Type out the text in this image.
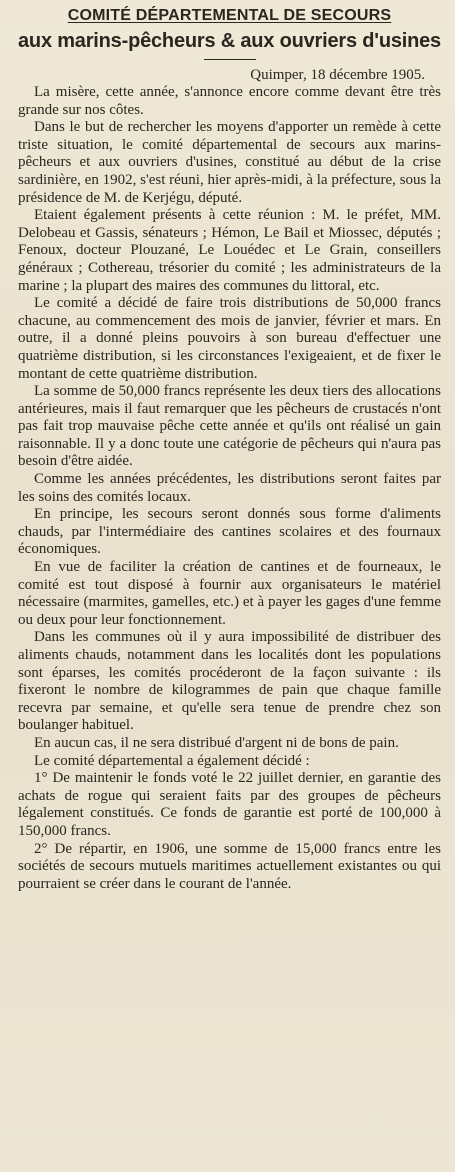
COMITÉ DÉPARTEMENTAL DE SECOURS
aux marins-pêcheurs & aux ouvriers d'usines
Quimper, 18 décembre 1905.

La misère, cette année, s'annonce encore comme devant être très grande sur nos côtes.

Dans le but de rechercher les moyens d'apporter un remède à cette triste situation, le comité départemental de secours aux marins-pêcheurs et aux ouvriers d'usines, constitué au début de la crise sardinière, en 1902, s'est réuni, hier après-midi, à la préfecture, sous la présidence de M. de Kerjégu, député.

Etaient également présents à cette réunion : M. le préfet, MM. Delobeau et Gassis, sénateurs ; Hémon, Le Bail et Miossec, députés ; Fenoux, docteur Plouzané, Le Louédec et Le Grain, conseillers généraux ; Cothereau, trésorier du comité ; les administrateurs de la marine ; la plupart des maires des communes du littoral, etc.

Le comité a décidé de faire trois distributions de 50,000 francs chacune, au commencement des mois de janvier, février et mars. En outre, il a donné pleins pouvoirs à son bureau d'effectuer une quatrième distribution, si les circonstances l'exigeaient, et de fixer le montant de cette quatrième distribution.

La somme de 50,000 francs représente les deux tiers des allocations antérieures, mais il faut remarquer que les pêcheurs de crustacés n'ont pas fait trop mauvaise pêche cette année et qu'ils ont réalisé un gain raisonnable. Il y a donc toute une catégorie de pêcheurs qui n'aura pas besoin d'être aidée.

Comme les années précédentes, les distributions seront faites par les soins des comités locaux.

En principe, les secours seront donnés sous forme d'aliments chauds, par l'intermédiaire des cantines scolaires et des fournaux économiques.

En vue de faciliter la création de cantines et de fourneaux, le comité est tout disposé à fournir aux organisateurs le matériel nécessaire (marmites, gamelles, etc.) et à payer les gages d'une femme ou deux pour leur fonctionnement.

Dans les communes où il y aura impossibilité de distribuer des aliments chauds, notamment dans les localités dont les populations sont éparses, les comités procéderont de la façon suivante : ils fixeront le nombre de kilogrammes de pain que chaque famille recevra par semaine, et qu'elle sera tenue de prendre chez son boulanger habituel.

En aucun cas, il ne sera distribué d'argent ni de bons de pain.

Le comité départemental a également décidé :

1° De maintenir le fonds voté le 22 juillet dernier, en garantie des achats de rogue qui seraient faits par des groupes de pêcheurs légalement constitués. Ce fonds de garantie est porté de 100,000 à 150,000 francs.

2° De répartir, en 1906, une somme de 15,000 francs entre les sociétés de secours mutuels maritimes actuellement existantes ou qui pourraient se créer dans le courant de l'année.
